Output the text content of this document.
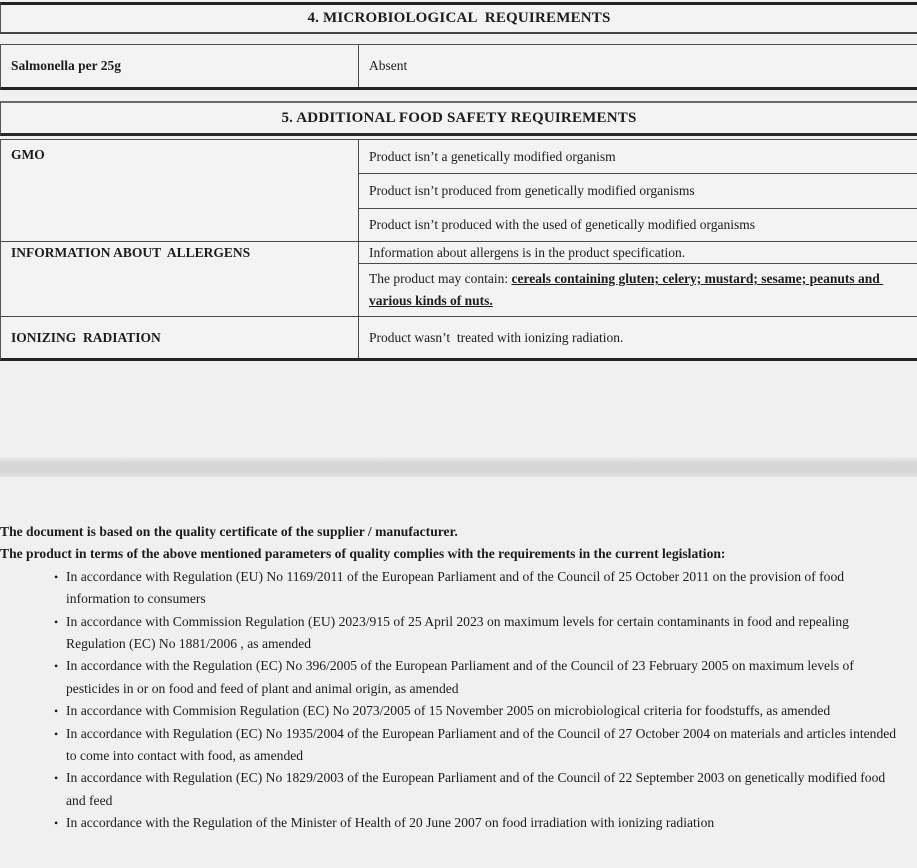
4. MICROBIOLOGICAL  REQUIREMENTS
Salmonella per 25g	Absent
5. ADDITIONAL FOOD SAFETY REQUIREMENTS
GMO
INFORMATION ABOUT  ALLERGENS
IONIZING  RADIATION
Product isn’t a genetically modified organism
Product isn’t produced from genetically modified organisms
Product isn’t produced with the used of genetically modified organisms
Information about allergens is in the product specification.
The product may contain: cereals containing gluten; celery; mustard; sesame; peanuts and various kinds of nuts.
Product wasn’t  treated with ionizing radiation.
The document is based on the quality certificate of the supplier / manufacturer.
The product in terms of the above mentioned parameters of quality complies with the requirements in the current legislation:
• In accordance with Regulation (EU) No 1169/2011 of the European Parliament and of the Council of 25 October 2011 on the provision of food information to consumers
• In accordance with Commission Regulation (EU) 2023/915 of 25 April 2023 on maximum levels for certain contaminants in food and repealing Regulation (EC) No 1881/2006 , as amended
• In accordance with the Regulation (EC) No 396/2005 of the European Parliament and of the Council of 23 February 2005 on maximum levels of pesticides in or on food and feed of plant and animal origin, as amended
• In accordance with Commision Regulation (EC) No 2073/2005 of 15 November 2005 on microbiological criteria for foodstuffs, as amended
• In accordance with Regulation (EC) No 1935/2004 of the European Parliament and of the Council of 27 October 2004 on materials and articles intended to come into contact with food, as amended
• In accordance with Regulation (EC) No 1829/2003 of the European Parliament and of the Council of 22 September 2003 on genetically modified food and feed
• In accordance with the Regulation of the Minister of Health of 20 June 2007 on food irradiation with ionizing radiation
